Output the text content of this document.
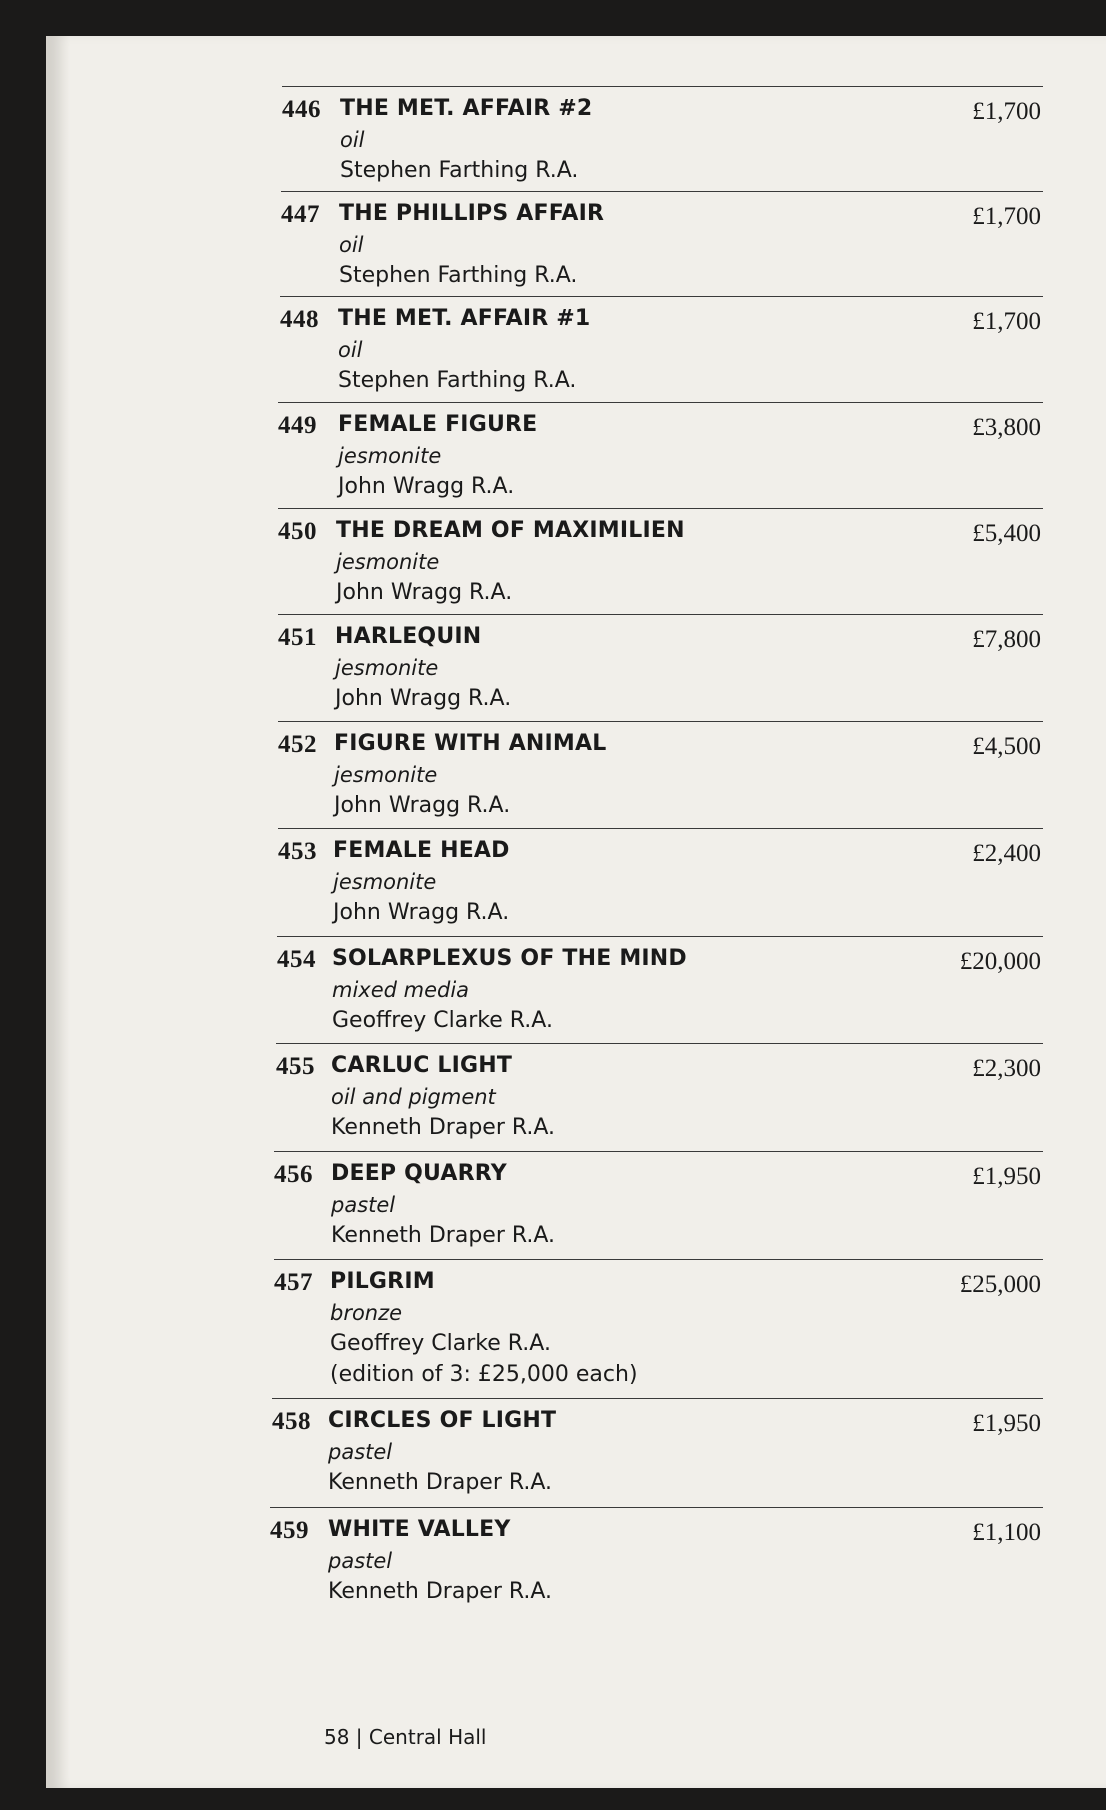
446 THE MET. AFFAIR #2
oil
Stephen Farthing R.A.
£1,700
447 THE PHILLIPS AFFAIR
oil
Stephen Farthing R.A.
£1,700
448 THE MET. AFFAIR #1
oil
Stephen Farthing R.A.
£1,700
449 FEMALE FIGURE
jesmonite
John Wragg R.A.
£3,800
450 THE DREAM OF MAXIMILIEN
jesmonite
John Wragg R.A.
£5,400
451 HARLEQUIN
jesmonite
John Wragg R.A.
£7,800
452 FIGURE WITH ANIMAL
jesmonite
John Wragg R.A.
£4,500
453 FEMALE HEAD
jesmonite
John Wragg R.A.
£2,400
454 SOLARPLEXUS OF THE MIND
mixed media
Geoffrey Clarke R.A.
£20,000
455 CARLUC LIGHT
oil and pigment
Kenneth Draper R.A.
£2,300
456 DEEP QUARRY
pastel
Kenneth Draper R.A.
£1,950
457 PILGRIM
bronze
Geoffrey Clarke R.A.
(edition of 3: £25,000 each)
£25,000
458 CIRCLES OF LIGHT
pastel
Kenneth Draper R.A.
£1,950
459 WHITE VALLEY
pastel
Kenneth Draper R.A.
£1,100
58 | Central Hall
